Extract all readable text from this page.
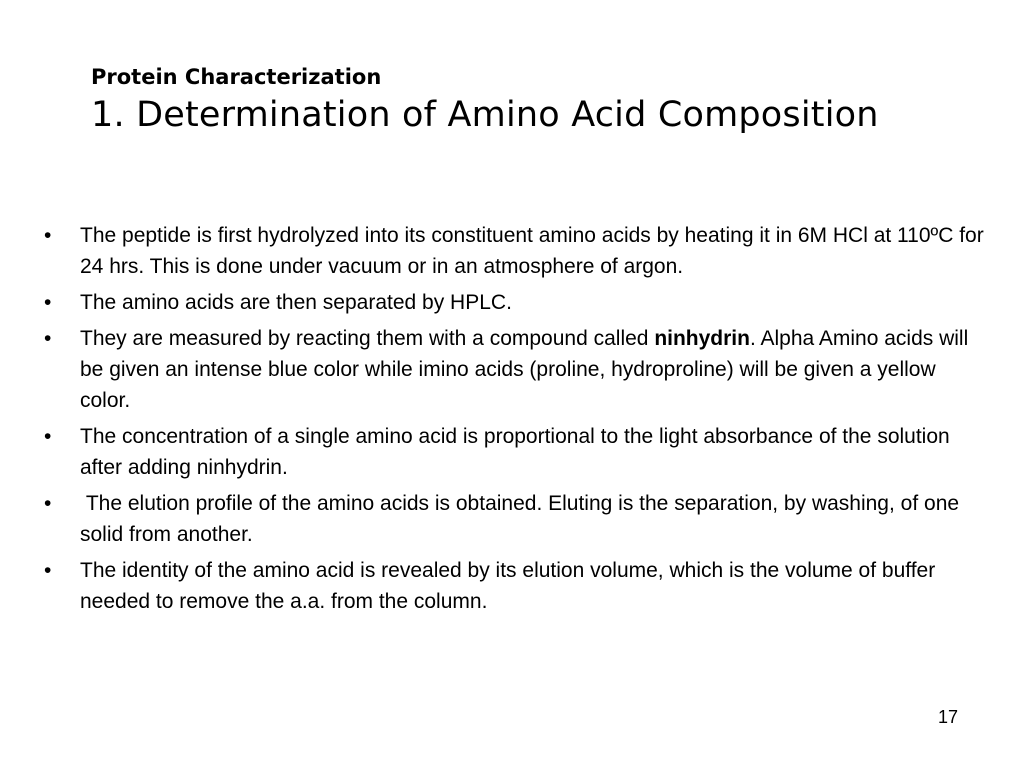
Protein Characterization
1. Determination of Amino Acid Composition
• The peptide is first hydrolyzed into its constituent amino acids by heating it in 6M HCl at 110ºC for 24 hrs. This is done under vacuum or in an atmosphere of argon.
• The amino acids are then separated by HPLC.
• They are measured by reacting them with a compound called ninhydrin. Alpha Amino acids will be given an intense blue color while imino acids (proline, hydroproline) will be given a yellow color.
• The concentration of a single amino acid is proportional to the light absorbance of the solution after adding ninhydrin.
• The elution profile of the amino acids is obtained. Eluting is the separation, by washing, of one solid from another.
• The identity of the amino acid is revealed by its elution volume, which is the volume of buffer needed to remove the a.a. from the column.
17
